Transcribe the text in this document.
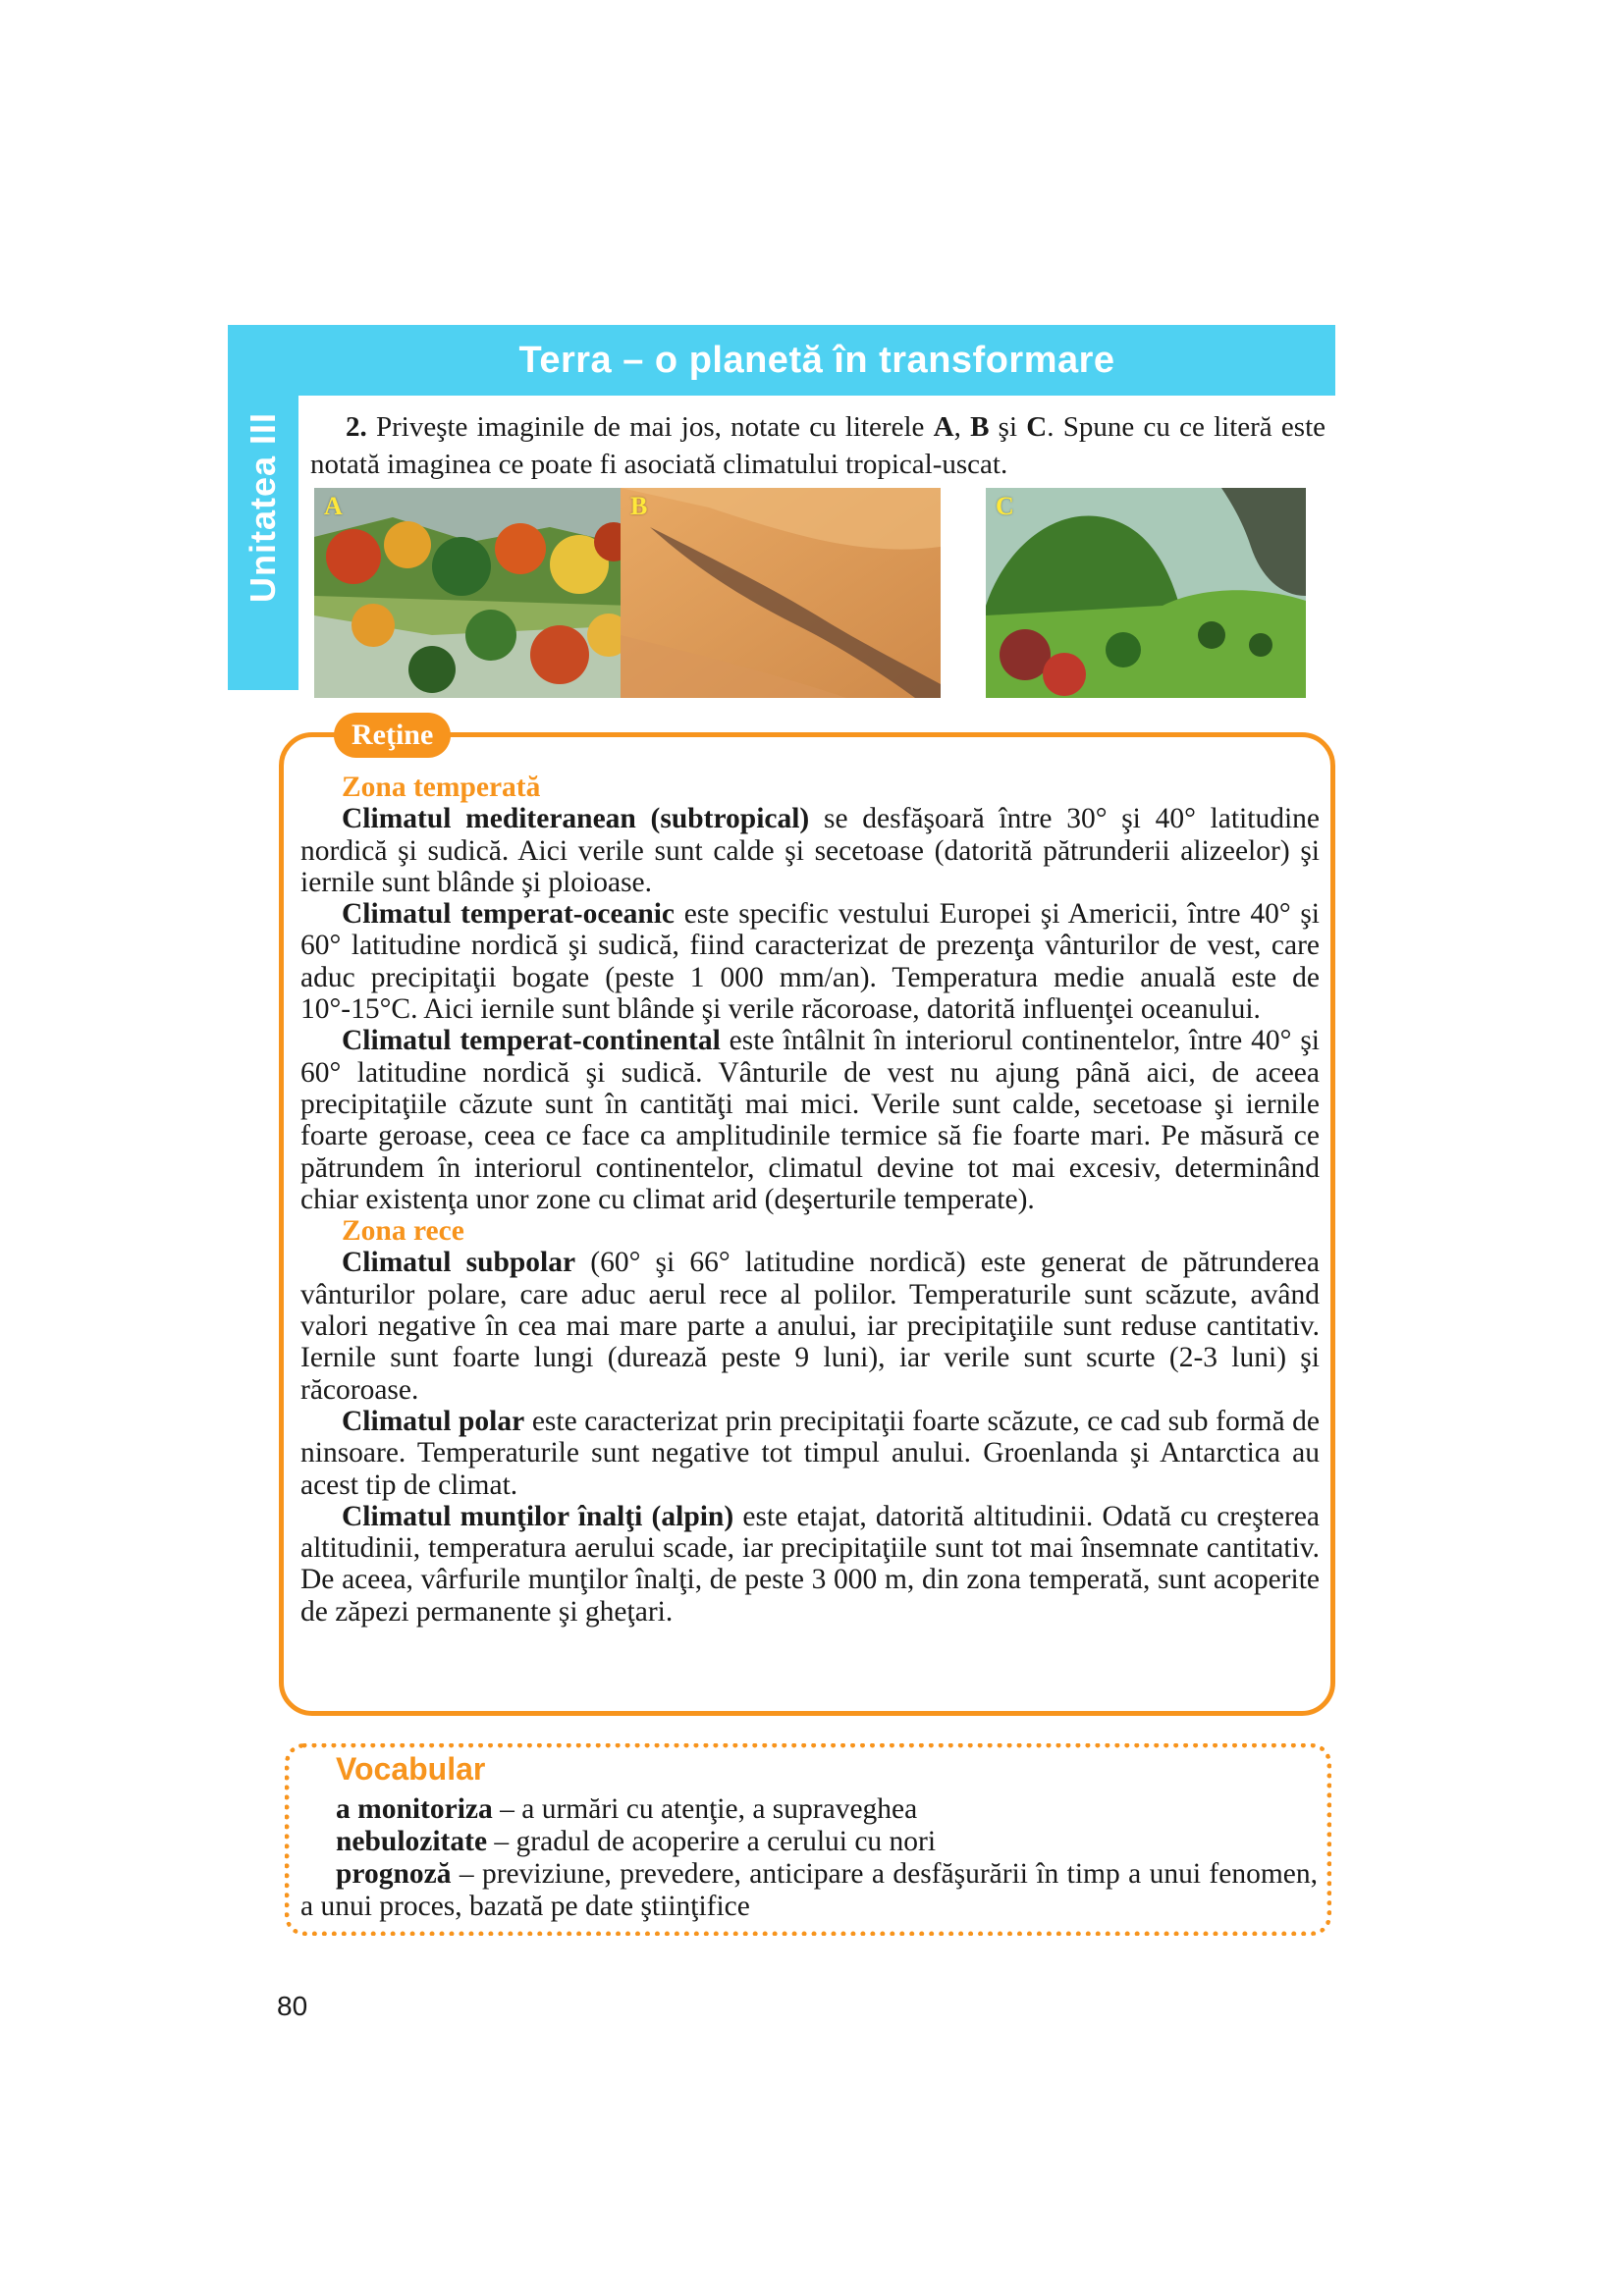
Terra – o planetă în transformare
Unitatea III	2. Priveşte imaginile de mai jos, notate cu literele A, B şi C. Spune cu ce literă este notată imaginea ce poate fi asociată climatului tropical-uscat.
A	B	C
Reţine
Zona temperată

Climatul mediteranean (subtropical) se desfăşoară între 30° şi 40° latitudine nordică şi sudică. Aici verile sunt calde şi secetoase (datorită pătrunderii alizeelor) şi iernile sunt blânde şi ploioase.

Climatul temperat-oceanic este specific vestului Europei şi Americii, între 40° şi 60° latitudine nordică şi sudică, fiind caracterizat de prezenţa vânturilor de vest, care aduc precipitaţii bogate (peste 1 000 mm/an). Temperatura medie anuală este de 10°-15°C. Aici iernile sunt blânde şi verile răcoroase, datorită influenţei oceanului.

Climatul temperat-continental este întâlnit în interiorul continentelor, între 40° şi 60° latitudine nordică şi sudică. Vânturile de vest nu ajung până aici, de aceea precipitaţiile căzute sunt în cantităţi mai mici. Verile sunt calde, secetoase şi iernile foarte geroase, ceea ce face ca amplitudinile termice să fie foarte mari. Pe măsură ce pătrundem în interiorul continentelor, climatul devine tot mai excesiv, determinând chiar existenţa unor zone cu climat arid (deşerturile temperate).

Zona rece

Climatul subpolar (60° şi 66° latitudine nordică) este generat de pătrunderea vânturilor polare, care aduc aerul rece al polilor. Temperaturile sunt scăzute, având valori negative în cea mai mare parte a anului, iar precipitaţiile sunt reduse cantitativ. Iernile sunt foarte lungi (durează peste 9 luni), iar verile sunt scurte (2-3 luni) şi răcoroase.

Climatul polar este caracterizat prin precipitaţii foarte scăzute, ce cad sub formă de ninsoare. Temperaturile sunt negative tot timpul anului. Groenlanda şi Antarctica au acest tip de climat.

Climatul munţilor înalţi (alpin) este etajat, datorită altitudinii. Odată cu creşterea altitudinii, temperatura aerului scade, iar precipitaţiile sunt tot mai însemnate cantitativ. De aceea, vârfurile munţilor înalţi, de peste 3 000 m, din zona temperată, sunt acoperite de zăpezi permanente şi gheţari.

Vocabular

a monitoriza – a urmări cu atenţie, a supraveghea

nebulozitate – gradul de acoperire a cerului cu nori

prognoză – previziune, prevedere, anticipare a desfăşurării în timp a unui fenomen, a unui proces, bazată pe date ştiinţifice

80
